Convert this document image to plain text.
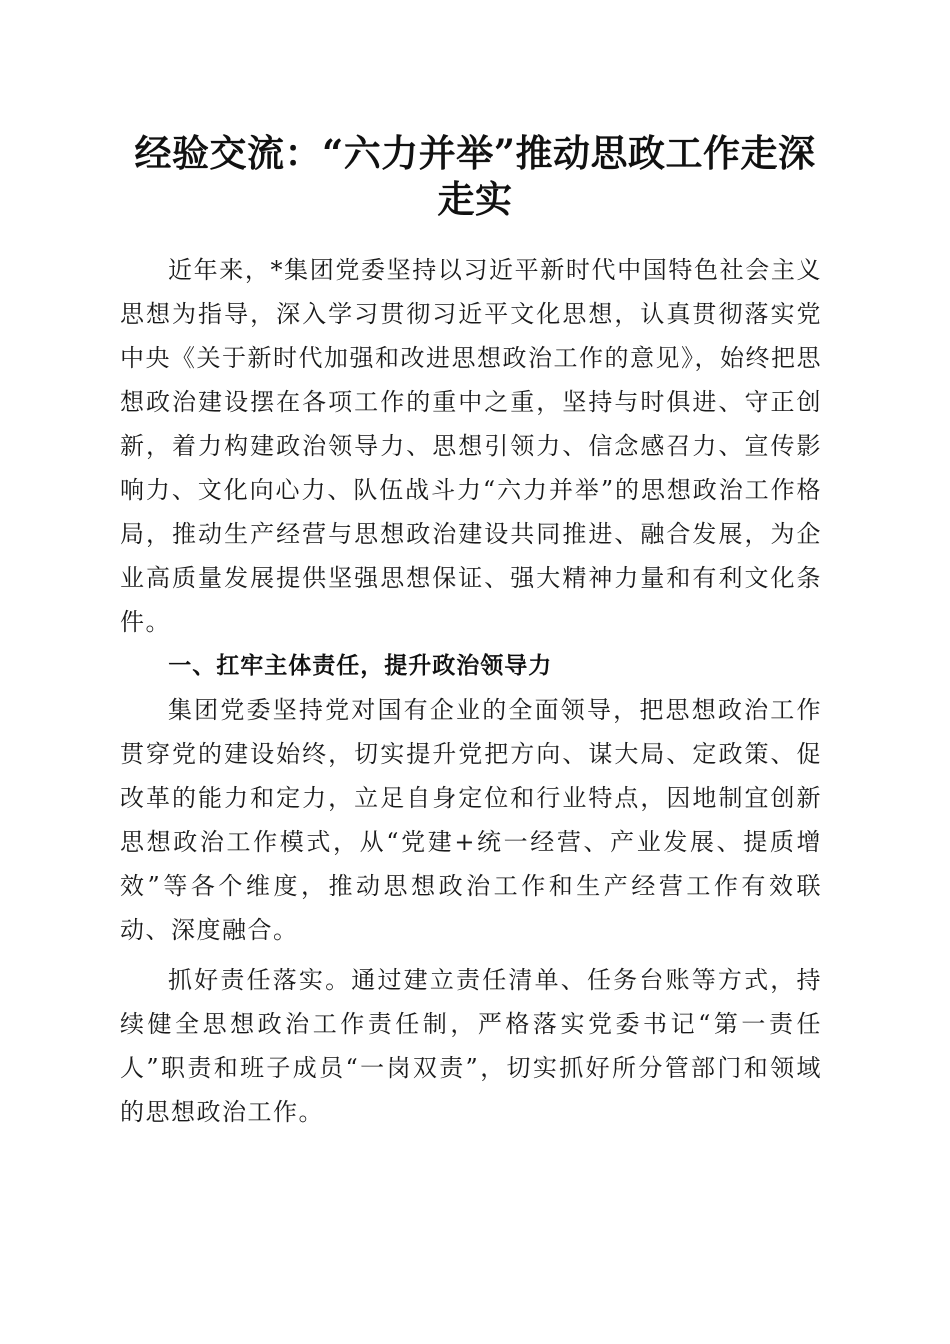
经验交流：“六力并举”推动思政工作走深走实

近年来，*集团党委坚持以习近平新时代中国特色社会主义思想为指导，深入学习贯彻习近平文化思想，认真贯彻落实党中央《关于新时代加强和改进思想政治工作的意见》，始终把思想政治建设摆在各项工作的重中之重，坚持与时俱进、守正创新，着力构建政治领导力、思想引领力、信念感召力、宣传影响力、文化向心力、队伍战斗力“六力并举”的思想政治工作格局，推动生产经营与思想政治建设共同推进、融合发展，为企业高质量发展提供坚强思想保证、强大精神力量和有利文化条件。

一、扛牢主体责任，提升政治领导力

集团党委坚持党对国有企业的全面领导，把思想政治工作贯穿党的建设始终，切实提升党把方向、谋大局、定政策、促改革的能力和定力，立足自身定位和行业特点，因地制宜创新思想政治工作模式，从“党建+统一经营、产业发展、提质增效”等各个维度，推动思想政治工作和生产经营工作有效联动、深度融合。

抓好责任落实。通过建立责任清单、任务台账等方式，持续健全思想政治工作责任制，严格落实党委书记“第一责任人”职责和班子成员“一岗双责”，切实抓好所分管部门和领域的思想政治工作。
